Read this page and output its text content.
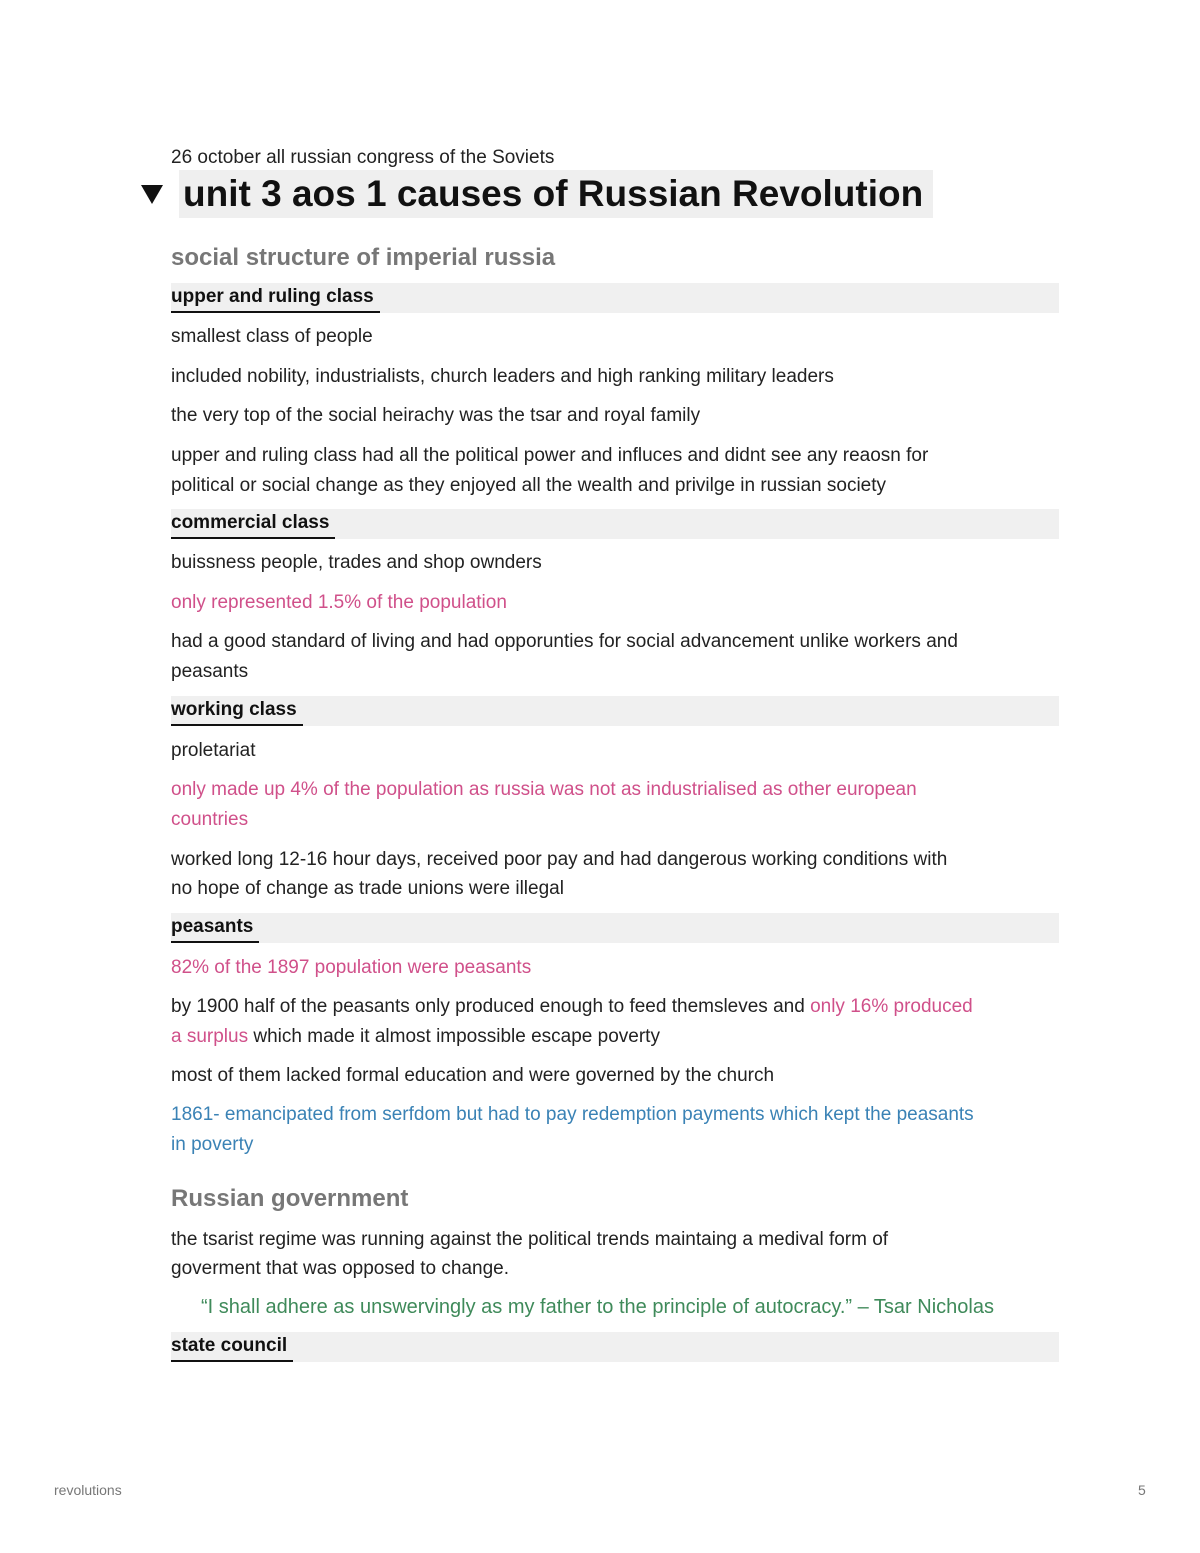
26 october all russian congress of the Soviets
unit 3 aos 1 causes of Russian Revolution
social structure of imperial russia
upper and ruling class
smallest class of people
included nobility, industrialists, church leaders and high ranking military leaders
the very top of the social heirachy was the tsar and royal family
upper and ruling class had all the political power and influces and didnt see any reaosn for
political or social change as they enjoyed all the wealth and privilge in russian society
commercial class
buissness people, trades and shop ownders
only represented 1.5% of the population
had a good standard of living and had opporunties for social advancement unlike workers and
peasants
working class
proletariat
only made up 4% of the population as russia was not as industrialised as other european
countries
worked long 12-16 hour days, received poor pay and had dangerous working conditions with
no hope of change as trade unions were illegal
peasants
82% of the 1897 population were peasants
by 1900 half of the peasants only produced enough to feed themsleves and only 16% produced
a surplus which made it almost impossible escape poverty
most of them lacked formal education and were governed by the church
1861- emancipated from serfdom but had to pay redemption payments which kept the peasants
in poverty
Russian government
the tsarist regime was running against the political trends maintaing a medival form of
goverment that was opposed to change.
“I shall adhere as unswervingly as my father to the principle of autocracy.” – Tsar Nicholas
state council
revolutions	5
